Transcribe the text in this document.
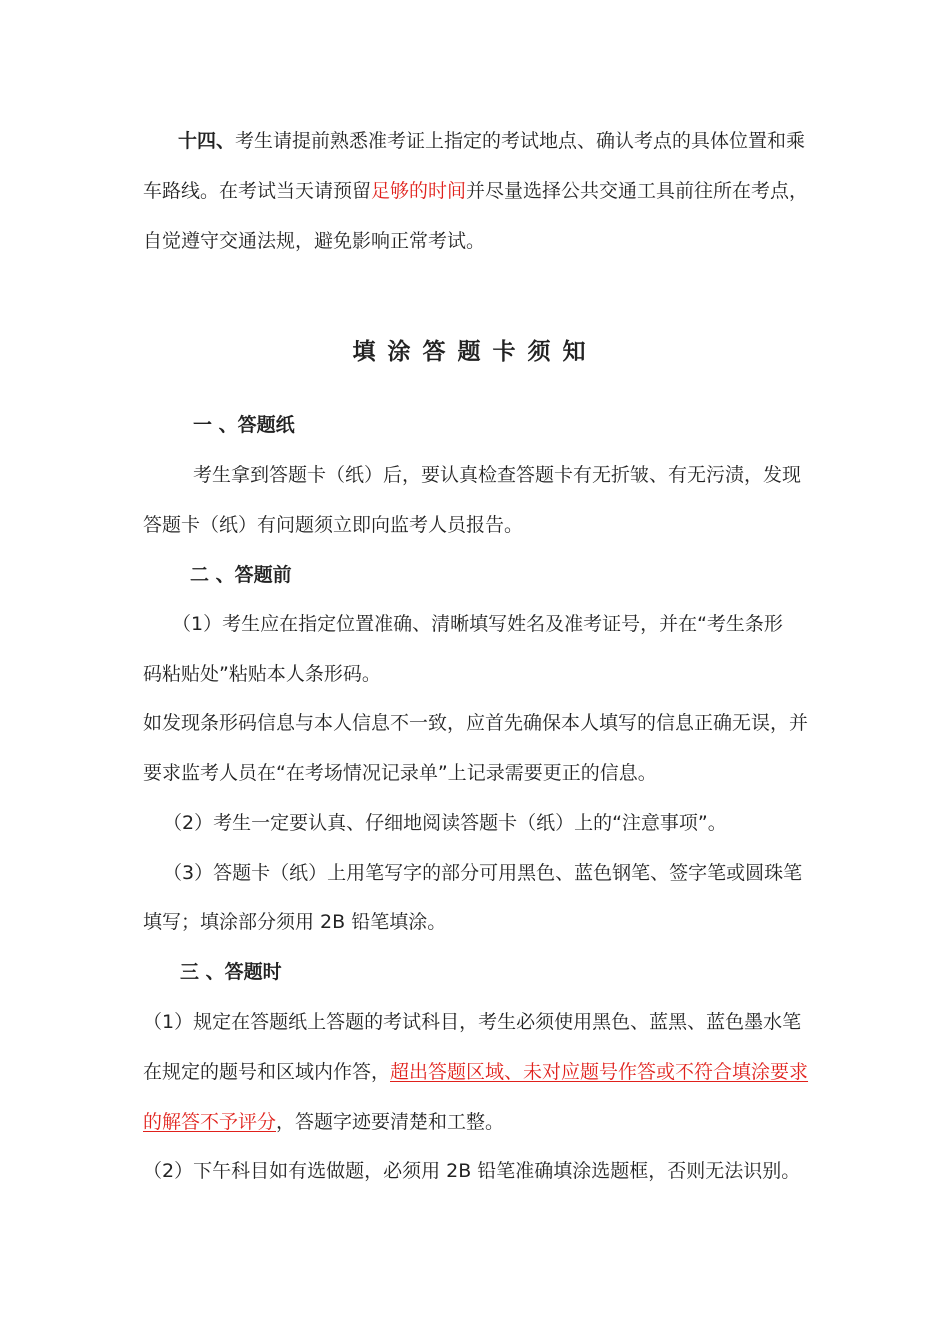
十四、考生请提前熟悉准考证上指定的考试地点、确认考点的具体位置和乘
车路线。在考试当天请预留足够的时间并尽量选择公共交通工具前往所在考点，
自觉遵守交通法规，避免影响正常考试。
填涂答题卡须知
一 、答题纸
考生拿到答题卡（纸）后，要认真检查答题卡有无折皱、有无污渍，发现
答题卡（纸）有问题须立即向监考人员报告。
二 、答题前
（1）考生应在指定位置准确、清晰填写姓名及准考证号，并在“考生条形
码粘贴处”粘贴本人条形码。
如发现条形码信息与本人信息不一致，应首先确保本人填写的信息正确无误，并
要求监考人员在“在考场情况记录单”上记录需要更正的信息。
（2）考生一定要认真、仔细地阅读答题卡（纸）上的“注意事项”。
（3）答题卡（纸）上用笔写字的部分可用黑色、蓝色钢笔、签字笔或圆珠笔
填写；填涂部分须用 2B 铅笔填涂。
三 、答题时
（1）规定在答题纸上答题的考试科目，考生必须使用黑色、蓝黑、蓝色墨水笔
在规定的题号和区域内作答，超出答题区域、未对应题号作答或不符合填涂要求
的解答不予评分，答题字迹要清楚和工整。
（2）下午科目如有选做题，必须用 2B 铅笔准确填涂选题框，否则无法识别。
